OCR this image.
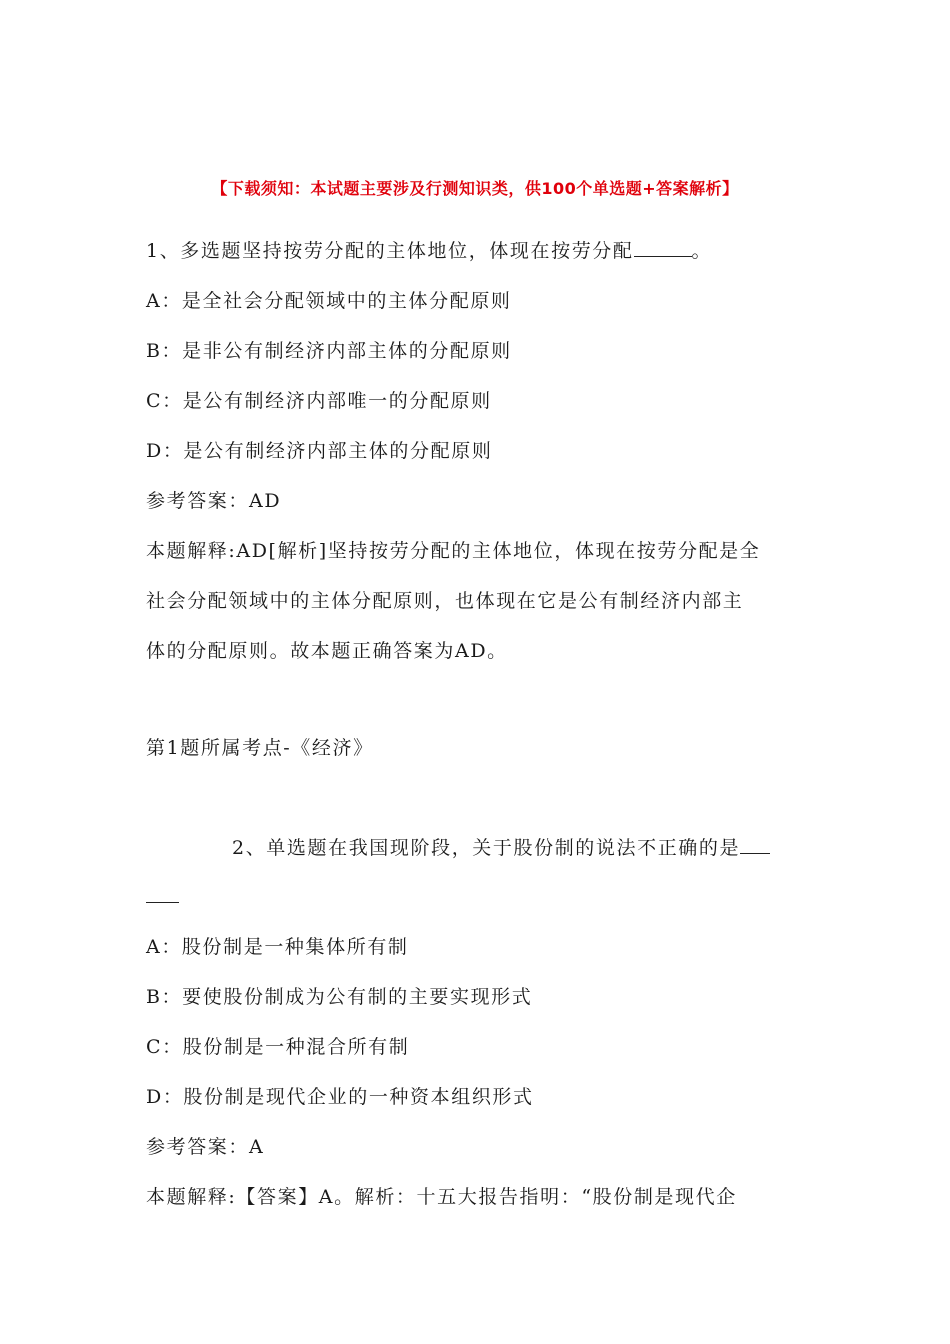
【下载须知：本试题主要涉及行测知识类，供100个单选题+答案解析】
1、多选题坚持按劳分配的主体地位，体现在按劳分配	。
A：是全社会分配领域中的主体分配原则
B：是非公有制经济内部主体的分配原则
C：是公有制经济内部唯一的分配原则
D：是公有制经济内部主体的分配原则
参考答案：AD
本题解释:AD[解析]坚持按劳分配的主体地位，体现在按劳分配是全
社会分配领域中的主体分配原则，也体现在它是公有制经济内部主
体的分配原则。故本题正确答案为AD。
第1题所属考点-《经济》
2、单选题在我国现阶段，关于股份制的说法不正确的是
A：股份制是一种集体所有制
B：要使股份制成为公有制的主要实现形式
C：股份制是一种混合所有制
D：股份制是现代企业的一种资本组织形式
参考答案：A
本题解释:【答案】A。解析：十五大报告指明：“股份制是现代企
